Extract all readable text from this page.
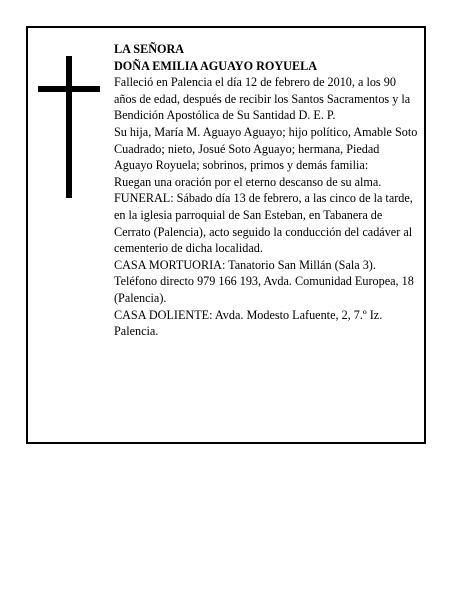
LA SEÑORA

DOÑA EMILIA AGUAYO ROYUELA

Falleció en Palencia el día 12 de febrero de 2010, a los 90 años de edad, después de recibir los Santos Sacramentos y la Bendición Apostólica de Su Santidad D. E. P.

Su hija, María M. Aguayo Aguayo; hijo político, Amable Soto Cuadrado; nieto, Josué Soto Aguayo; hermana, Piedad Aguayo Royuela; sobrinos, primos y demás familia:

Ruegan una oración por el eterno descanso de su alma.

FUNERAL: Sábado día 13 de febrero, a las cinco de la tarde, en la iglesia parroquial de San Esteban, en Tabanera de Cerrato (Palencia), acto seguido la conducción del cadáver al cementerio de dicha localidad.

CASA MORTUORIA: Tanatorio San Millán (Sala 3). Teléfono directo 979 166 193, Avda. Comunidad Europea, 18 (Palencia).

CASA DOLIENTE: Avda. Modesto Lafuente, 2, 7.º Iz. Palencia.
